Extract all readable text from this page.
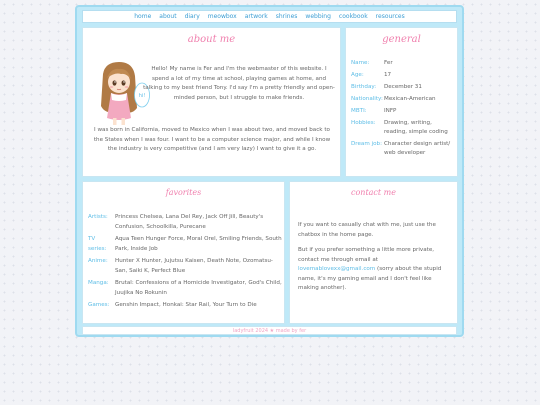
home about diary meowbox artwork shrines webbing cookbook resources
about me
hi!
Hello! My name is Fer and I'm the webmaster of this website. I spend a lot of my time at school, playing games at home, and talking to my best friend Tony. I'd say I'm a pretty friendly and open-minded person, but I struggle to make friends.
I was born in California, moved to Mexico when I was about two, and moved back to the States when I was four. I want to be a computer science major, and while I know the industry is very competitive (and I am very lazy) I want to give it a go.
general
Name:	Fer
Age:	17
Birthday:	December 31
Nationality: Mexican-American
MBTI:	INFP
Hobbies:	Drawing, writing, reading, simple coding
Dream job: Character design artist/ web developer
favorites
Artists:	Princess Chelsea, Lana Del Rey, Jack Off Jill, Beauty's Confusion, Schoolkilla, Purecane
TV series:
Aqua Teen Hunger Force, Moral Orel, Smiling Friends, South Park, Inside Job
Anime:	Hunter X Hunter, Jujutsu Kaisen, Death Note, Ozomatsu-San, Saiki K, Perfect Blue
Manga:	Brutal: Confessions of a Homicide Investigator, God's Child, Juujika No Rokunin
Games: Genshin Impact, Honkai: Star Rail, Your Turn to Die
contact me

If you want to casually chat with me, just use the chatbox in the home page.

But if you prefer something a little more private, contact me through email at lovemablovexx@gmail.com (sorry about the stupid name, it's my gaming email and I don't feel like making another).

ladyfruit 2024 ★ made by fer
